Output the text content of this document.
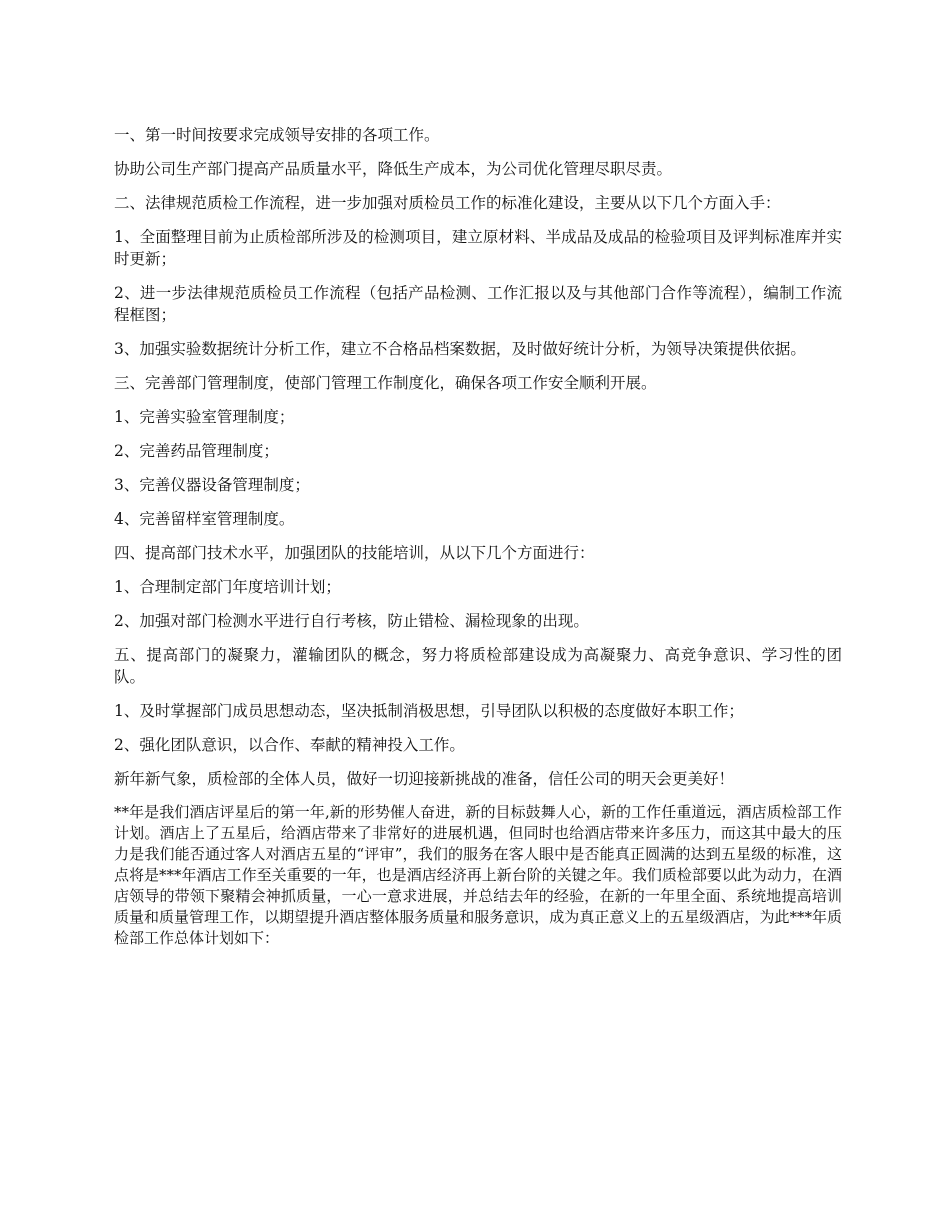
一、第一时间按要求完成领导安排的各项工作。

协助公司生产部门提高产品质量水平，降低生产成本，为公司优化管理尽职尽责。

二、法律规范质检工作流程，进一步加强对质检员工作的标准化建设，主要从以下几个方面入手：

1、全面整理目前为止质检部所涉及的检测项目，建立原材料、半成品及成品的检验项目及评判标准库并实时更新；

2、进一步法律规范质检员工作流程（包括产品检测、工作汇报以及与其他部门合作等流程），编制工作流程框图；

3、加强实验数据统计分析工作，建立不合格品档案数据，及时做好统计分析，为领导决策提供依据。

三、完善部门管理制度，使部门管理工作制度化，确保各项工作安全顺利开展。

1、完善实验室管理制度；

2、完善药品管理制度；

3、完善仪器设备管理制度；

4、完善留样室管理制度。

四、提高部门技术水平，加强团队的技能培训，从以下几个方面进行：

1、合理制定部门年度培训计划；

2、加强对部门检测水平进行自行考核，防止错检、漏检现象的出现。

五、提高部门的凝聚力，灌输团队的概念，努力将质检部建设成为高凝聚力、高竞争意识、学习性的团队。

1、及时掌握部门成员思想动态，坚决抵制消极思想，引导团队以积极的态度做好本职工作；

2、强化团队意识，以合作、奉献的精神投入工作。

新年新气象，质检部的全体人员，做好一切迎接新挑战的准备，信任公司的明天会更美好！

**年是我们酒店评星后的第一年,新的形势催人奋进，新的目标鼓舞人心，新的工作任重道远，酒店质检部工作计划。酒店上了五星后，给酒店带来了非常好的进展机遇，但同时也给酒店带来许多压力，而这其中最大的压力是我们能否通过客人对酒店五星的“评审”，我们的服务在客人眼中是否能真正圆满的达到五星级的标准，这点将是***年酒店工作至关重要的一年，也是酒店经济再上新台阶的关键之年。我们质检部要以此为动力，在酒店领导的带领下聚精会神抓质量，一心一意求进展，并总结去年的经验，在新的一年里全面、系统地提高培训质量和质量管理工作，以期望提升酒店整体服务质量和服务意识，成为真正意义上的五星级酒店，为此***年质检部工作总体计划如下：
